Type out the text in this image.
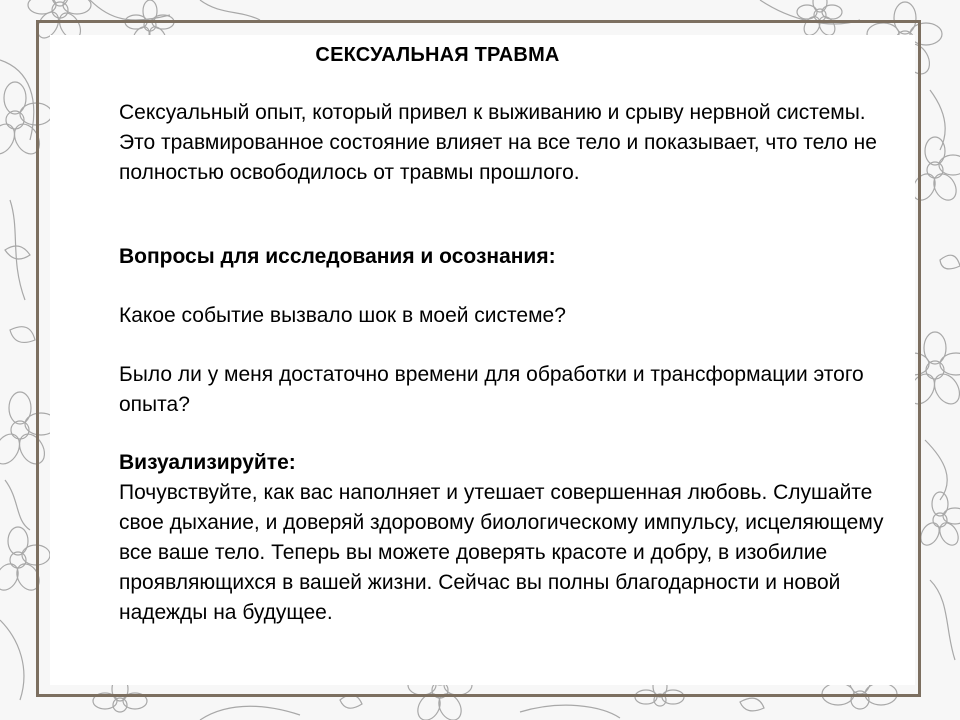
СЕКСУАЛЬНАЯ ТРАВМА

Сексуальный опыт, который привел к выживанию и срыву нервной системы. Это травмированное состояние влияет на все тело и показывает, что тело не полностью освободилось от травмы прошлого.

Вопросы для исследования и осознания:

Какое событие вызвало шок в моей системе?

Было ли у меня достаточно времени для обработки и трансформации этого опыта?

Визуализируйте:

Почувствуйте, как вас наполняет и утешает совершенная любовь. Слушайте свое дыхание, и доверяй здоровому биологическому импульсу, исцеляющему все ваше тело. Теперь вы можете доверять красоте и добру, в изобилие проявляющихся в вашей жизни. Сейчас вы полны благодарности и новой надежды на будущее.
